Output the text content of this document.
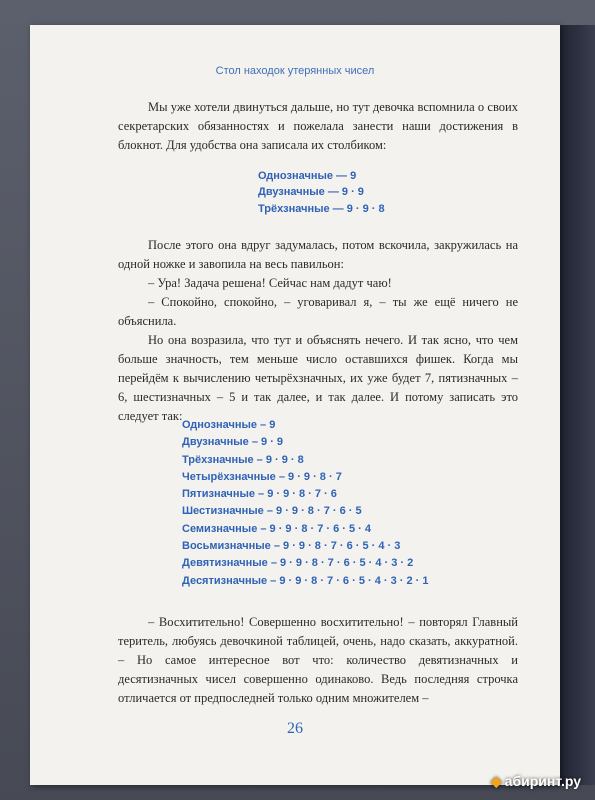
Стол находок утерянных чисел

Мы уже хотели двинуться дальше, но тут девочка вспомнила о своих секретарских обязанностях и пожелала занести наши достижения в блокнот. Для удобства она записала их столбиком:

Однозначные — 9
Двузначные — 9 · 9
Трёхзначные — 9 · 9 · 8

После этого она вдруг задумалась, потом вскочила, закружилась на одной ножке и завопила на весь павильон:

– Ура! Задача решена! Сейчас нам дадут чаю!

– Спокойно, спокойно, – уговаривал я, – ты же ещё ничего не объяснила.

Но она возразила, что тут и объяснять нечего. И так ясно, что чем больше значность, тем меньше число оставшихся фишек. Когда мы перейдём к вычислению четырёхзначных, их уже будет 7, пятизначных – 6, шестизначных – 5 и так далее, и так далее. И потому записать это следует так:

Однозначные – 9
Двузначные – 9 · 9
Трёхзначные – 9 · 9 · 8
Четырёхзначные – 9 · 9 · 8 · 7
Пятизначные – 9 · 9 · 8 · 7 · 6
Шестизначные – 9 · 9 · 8 · 7 · 6 · 5
Семизначные – 9 · 9 · 8 · 7 · 6 · 5 · 4
Восьмизначные – 9 · 9 · 8 · 7 · 6 · 5 · 4 · 3
Девятизначные – 9 · 9 · 8 · 7 · 6 · 5 · 4 · 3 · 2
Десятизначные – 9 · 9 · 8 · 7 · 6 · 5 · 4 · 3 · 2 · 1

– Восхитительно! Совершенно восхитительно! – повторял Главный теритель, любуясь девочкиной таблицей, очень, надо сказать, аккуратной. – Но самое интересное вот что: количество девятизначных и десятизначных чисел совершенно одинаково. Ведь последняя строчка отличается от предпоследней только одним множителем –

26
◆ абиринт.ру
